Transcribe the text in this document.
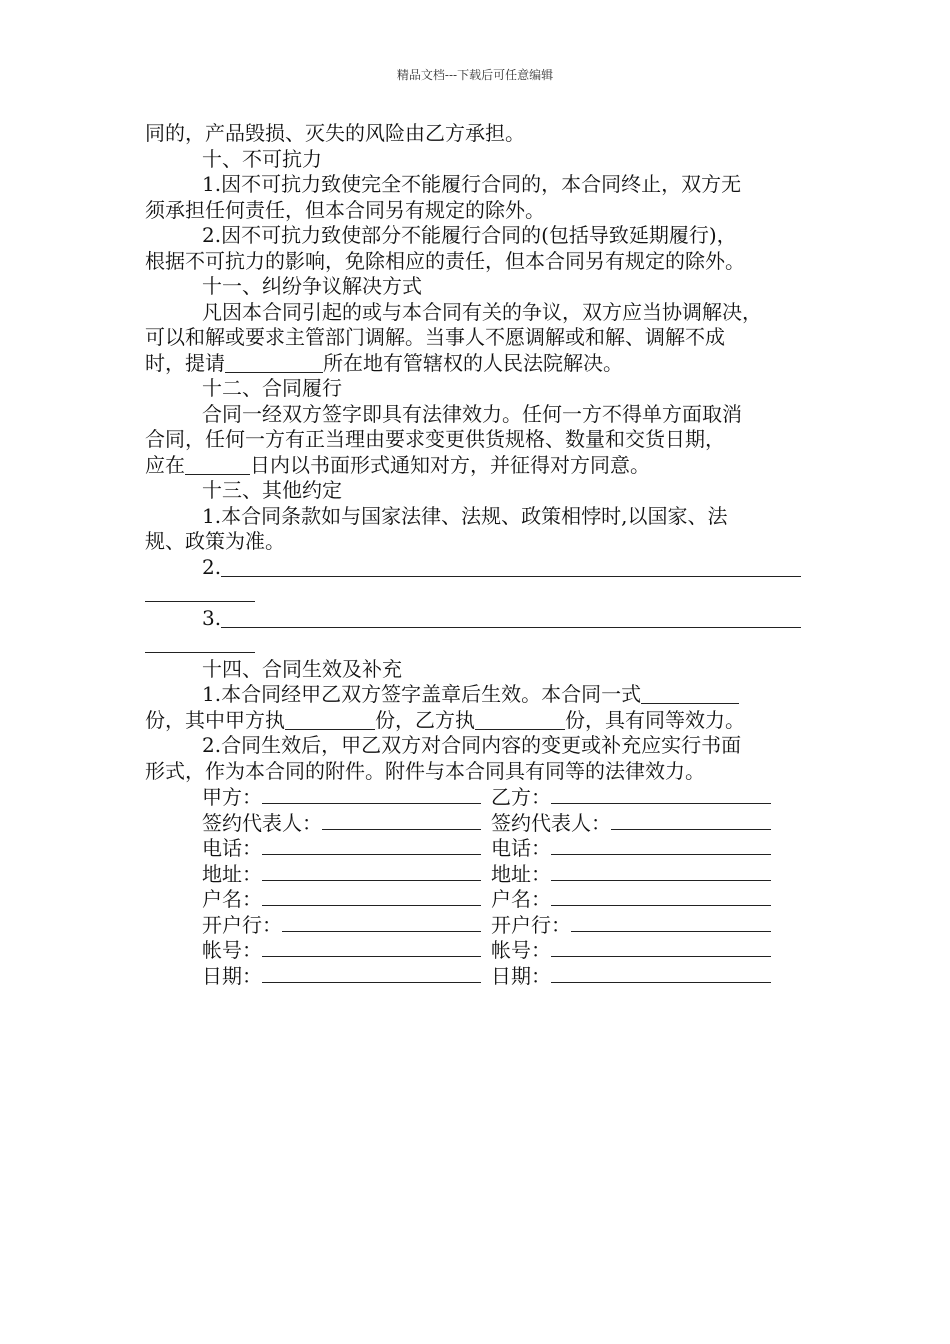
精品文档---下载后可任意编辑
同的，产品毁损、灭失的风险由乙方承担。
十、不可抗力
1.因不可抗力致使完全不能履行合同的，本合同终止，双方无
须承担任何责任，但本合同另有规定的除外。
2.因不可抗力致使部分不能履行合同的(包括导致延期履行)，
根据不可抗力的影响，免除相应的责任，但本合同另有规定的除外。
十一、纠纷争议解决方式
凡因本合同引起的或与本合同有关的争议，双方应当协调解决，
可以和解或要求主管部门调解。当事人不愿调解或和解、调解不成
时，提请	所在地有管辖权的人民法院解决。
十二、合同履行
合同一经双方签字即具有法律效力。任何一方不得单方面取消
合同，任何一方有正当理由要求变更供货规格、数量和交货日期，
应在	日内以书面形式通知对方，并征得对方同意。
十三、其他约定
1.本合同条款如与国家法律、法规、政策相悖时,以国家、法
规、政策为准。
2.
3.
十四、合同生效及补充
1.本合同经甲乙双方签字盖章后生效。本合同一式
份，其中甲方执	份，乙方执	份，具有同等效力。
2.合同生效后，甲乙双方对合同内容的变更或补充应实行书面
形式，作为本合同的附件。附件与本合同具有同等的法律效力。
甲方：	乙方：
签约代表人：	签约代表人：
电话：	电话：
地址：	地址：
户名：	户名：
开户行：	开户行：
帐号：	帐号：
日期：	日期：
